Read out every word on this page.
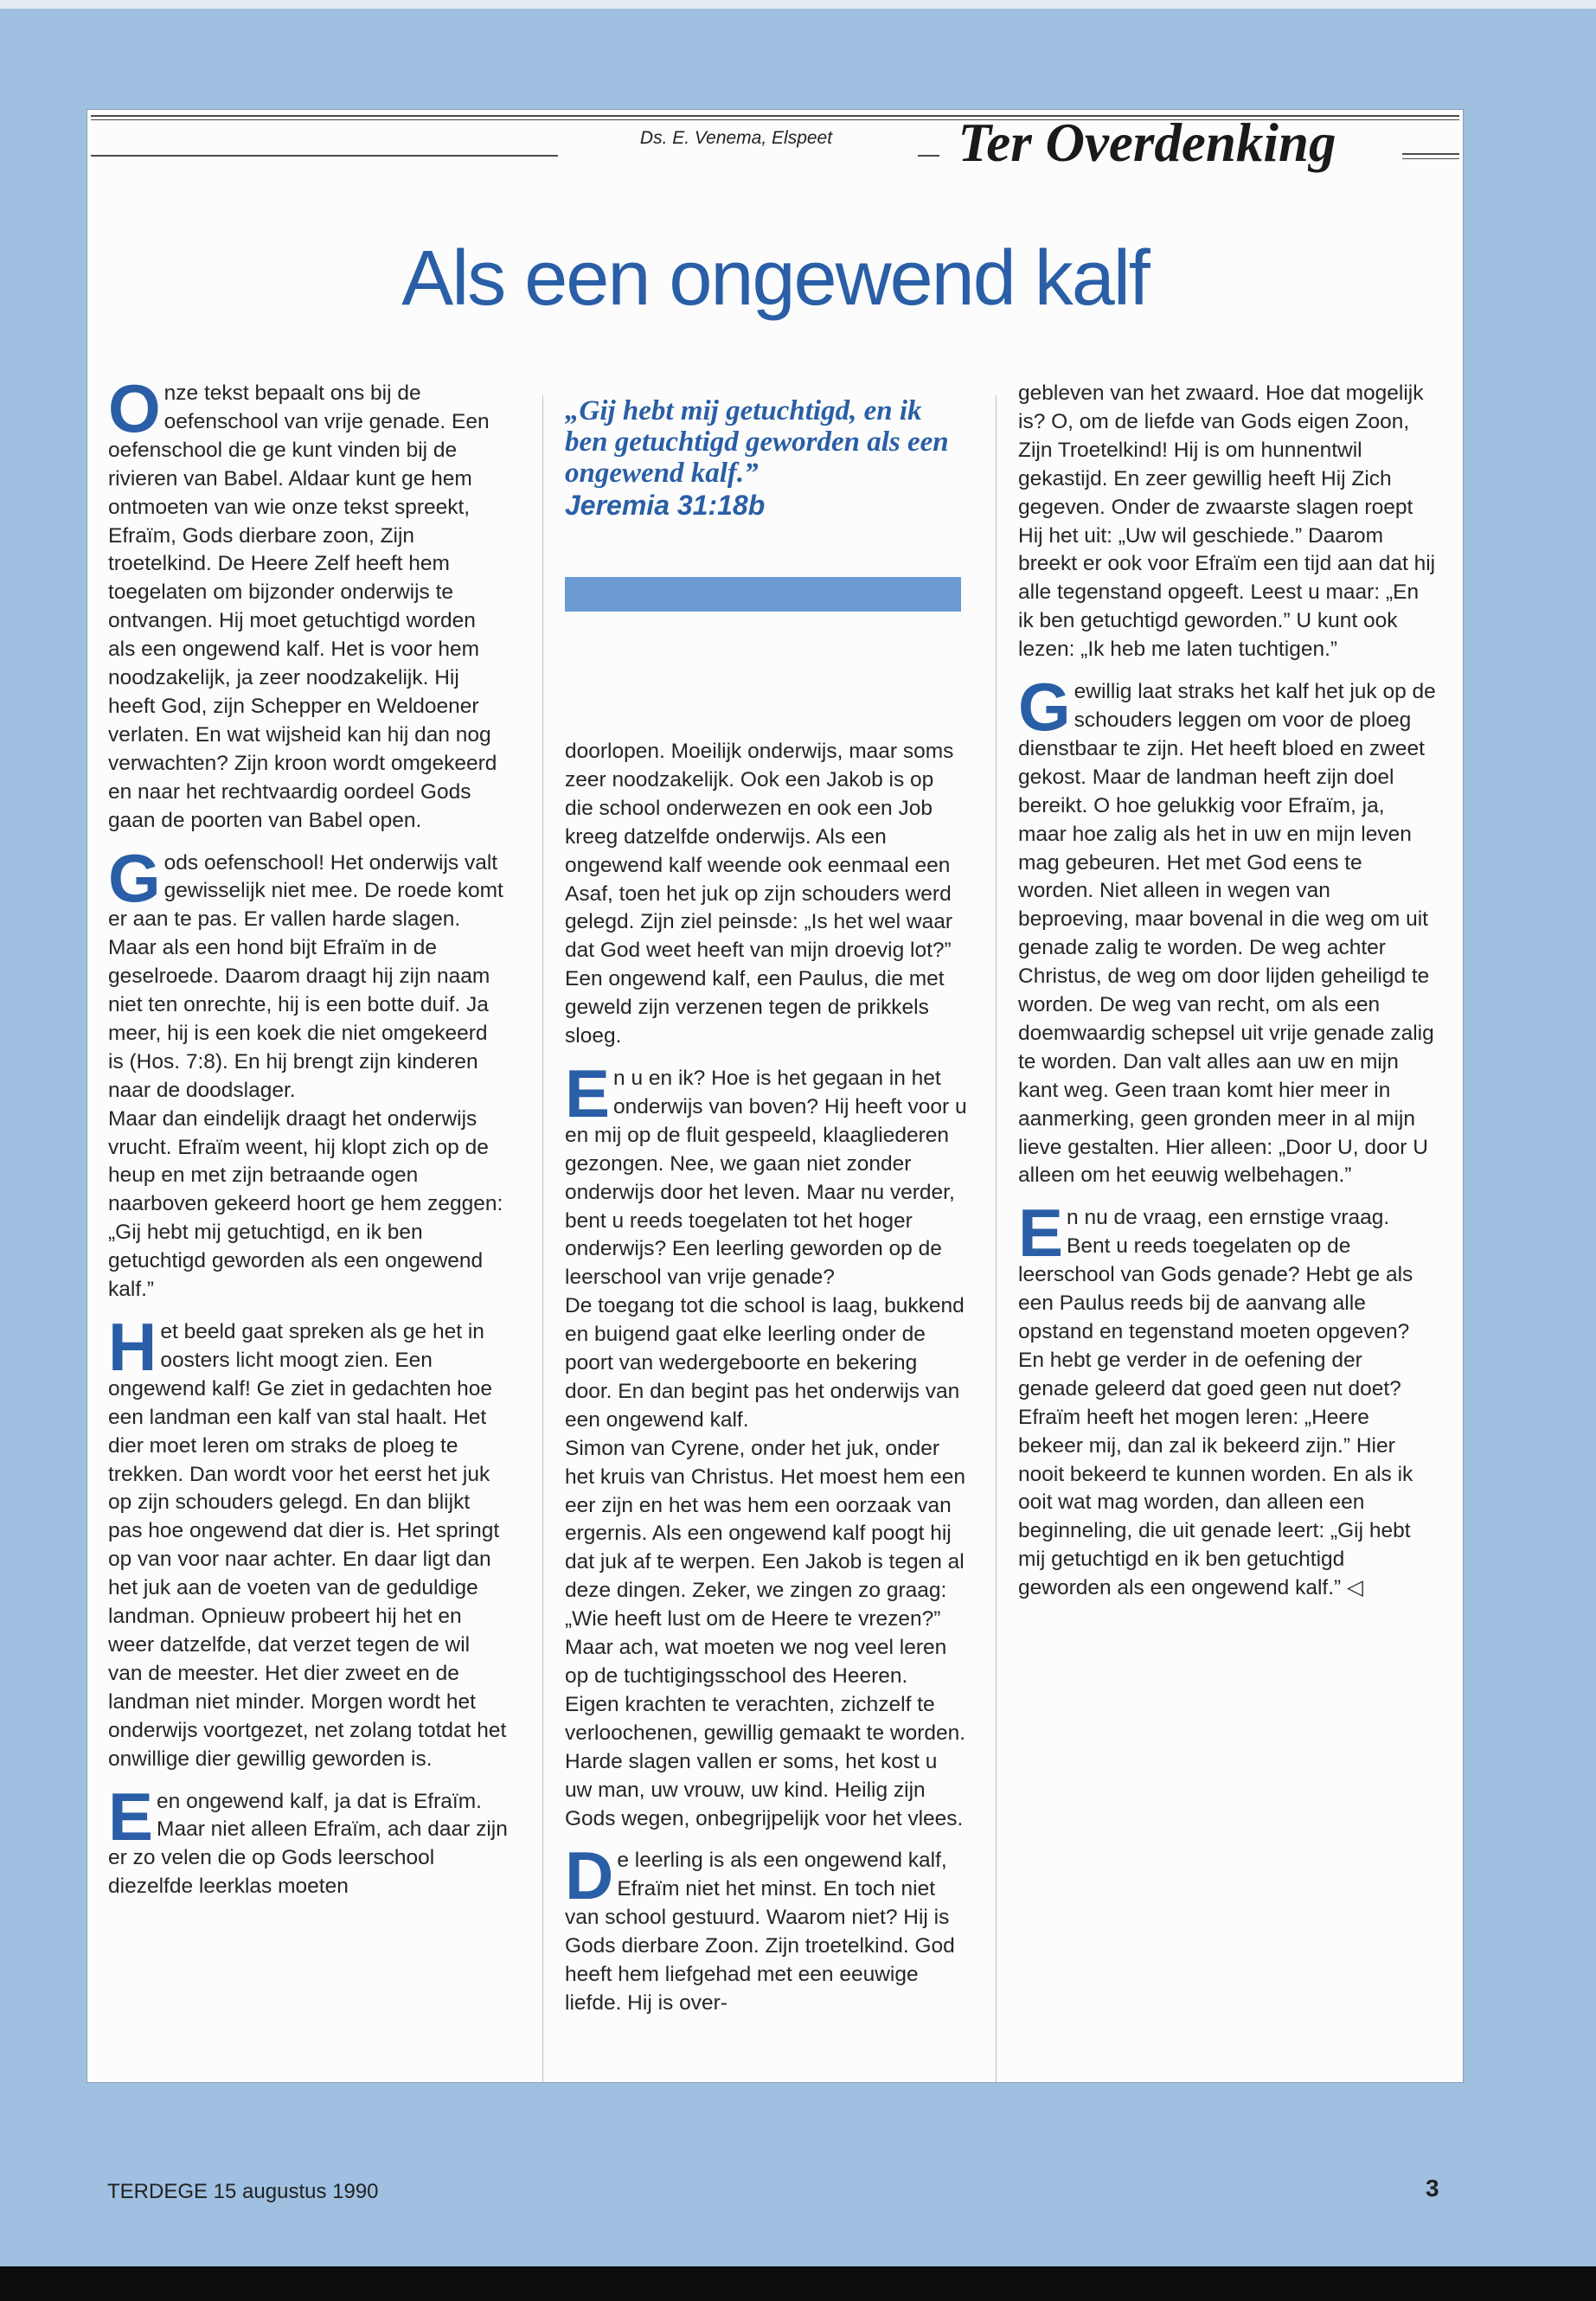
Ds. E. Venema, Elspeet	Ter Overdenking
Als een ongewend kalf

Onze tekst bepaalt ons bij de oefenschool van vrije genade. Een oefenschool die ge kunt vinden bij de rivieren van Babel. Aldaar kunt ge hem ontmoeten van wie onze tekst spreekt, Efraïm, Gods dierbare zoon, Zijn troetelkind. De Heere Zelf heeft hem toegelaten om bijzonder onderwijs te ontvangen. Hij moet getuchtigd worden als een ongewend kalf. Het is voor hem noodzakelijk, ja zeer noodzakelijk. Hij heeft God, zijn Schepper en Weldoener verlaten. En wat wijsheid kan hij dan nog verwachten? Zijn kroon wordt omgekeerd en naar het rechtvaardig oordeel Gods gaan de poorten van Babel open.

Gods oefenschool! Het onderwijs valt gewisselijk niet mee. De roede komt er aan te pas. Er vallen harde slagen. Maar als een hond bijt Efraïm in de geselroede. Daarom draagt hij zijn naam niet ten onrechte, hij is een botte duif. Ja meer, hij is een koek die niet omgekeerd is (Hos. 7:8). En hij brengt zijn kinderen naar de doodslager.

Maar dan eindelijk draagt het onderwijs vrucht. Efraïm weent, hij klopt zich op de heup en met zijn betraande ogen naarboven gekeerd hoort ge hem zeggen: „Gij hebt mij getuchtigd, en ik ben getuchtigd geworden als een ongewend kalf.”

Het beeld gaat spreken als ge het in oosters licht moogt zien. Een ongewend kalf! Ge ziet in gedachten hoe een landman een kalf van stal haalt. Het dier moet leren om straks de ploeg te trekken. Dan wordt voor het eerst het juk op zijn schouders gelegd. En dan blijkt pas hoe ongewend dat dier is. Het springt op van voor naar achter. En daar ligt dan het juk aan de voeten van de geduldige landman. Opnieuw probeert hij het en weer datzelfde, dat verzet tegen de wil van de meester. Het dier zweet en de landman niet minder. Morgen wordt het onderwijs voortgezet, net zolang totdat het onwillige dier gewillig geworden is.

Een ongewend kalf, ja dat is Efraïm. Maar niet alleen Efraïm, ach daar zijn er zo velen die op Gods leerschool diezelfde leerklas moeten

„Gij hebt mij getuchtigd, en ik ben getuchtigd geworden als een ongewend kalf.”
Jeremia 31:18b

doorlopen. Moeilijk onderwijs, maar soms zeer noodzakelijk. Ook een Jakob is op die school onderwezen en ook een Job kreeg datzelfde onderwijs. Als een ongewend kalf weende ook eenmaal een Asaf, toen het juk op zijn schouders werd gelegd. Zijn ziel peinsde: „Is het wel waar dat God weet heeft van mijn droevig lot?” Een ongewend kalf, een Paulus, die met geweld zijn verzenen tegen de prikkels sloeg.

En u en ik? Hoe is het gegaan in het onderwijs van boven? Hij heeft voor u en mij op de fluit gespeeld, klaagliederen gezongen. Nee, we gaan niet zonder onderwijs door het leven. Maar nu verder, bent u reeds toegelaten tot het hoger onderwijs? Een leerling geworden op de leerschool van vrije genade?

De toegang tot die school is laag, bukkend en buigend gaat elke leerling onder de poort van wedergeboorte en bekering door. En dan begint pas het onderwijs van een ongewend kalf.

Simon van Cyrene, onder het juk, onder het kruis van Christus. Het moest hem een eer zijn en het was hem een oorzaak van ergernis. Als een ongewend kalf poogt hij dat juk af te werpen. Een Jakob is tegen al deze dingen. Zeker, we zingen zo graag: „Wie heeft lust om de Heere te vrezen?” Maar ach, wat moeten we nog veel leren op de tuchtigingsschool des Heeren. Eigen krachten te verachten, zichzelf te verloochenen, gewillig gemaakt te worden. Harde slagen vallen er soms, het kost u uw man, uw vrouw, uw kind. Heilig zijn Gods wegen, onbegrijpelijk voor het vlees.

De leerling is als een ongewend kalf, Efraïm niet het minst. En toch niet van school gestuurd. Waarom niet? Hij is Gods dierbare Zoon. Zijn troetelkind. God heeft hem liefgehad met een eeuwige liefde. Hij is over-

gebleven van het zwaard. Hoe dat mogelijk is? O, om de liefde van Gods eigen Zoon, Zijn Troetelkind! Hij is om hunnentwil gekastijd. En zeer gewillig heeft Hij Zich gegeven. Onder de zwaarste slagen roept Hij het uit: „Uw wil geschiede.” Daarom breekt er ook voor Efraïm een tijd aan dat hij alle tegenstand opgeeft. Leest u maar: „En ik ben getuchtigd geworden.” U kunt ook lezen: „Ik heb me laten tuchtigen.”

Gewillig laat straks het kalf het juk op de schouders leggen om voor de ploeg dienstbaar te zijn. Het heeft bloed en zweet gekost. Maar de landman heeft zijn doel bereikt. O hoe gelukkig voor Efraïm, ja, maar hoe zalig als het in uw en mijn leven mag gebeuren. Het met God eens te worden. Niet alleen in wegen van beproeving, maar bovenal in die weg om uit genade zalig te worden. De weg achter Christus, de weg om door lijden geheiligd te worden. De weg van recht, om als een doemwaardig schepsel uit vrije genade zalig te worden. Dan valt alles aan uw en mijn kant weg. Geen traan komt hier meer in aanmerking, geen gronden meer in al mijn lieve gestalten. Hier alleen: „Door U, door U alleen om het eeuwig welbehagen.”

En nu de vraag, een ernstige vraag. Bent u reeds toegelaten op de leerschool van Gods genade? Hebt ge als een Paulus reeds bij de aanvang alle opstand en tegenstand moeten opgeven? En hebt ge verder in de oefening der genade geleerd dat goed geen nut doet? Efraïm heeft het mogen leren: „Heere bekeer mij, dan zal ik bekeerd zijn.” Hier nooit bekeerd te kunnen worden. En als ik ooit wat mag worden, dan alleen een beginneling, die uit genade leert: „Gij hebt mij getuchtigd en ik ben getuchtigd geworden als een ongewend kalf.” ◁

TERDEGE 15 augustus 1990	3
